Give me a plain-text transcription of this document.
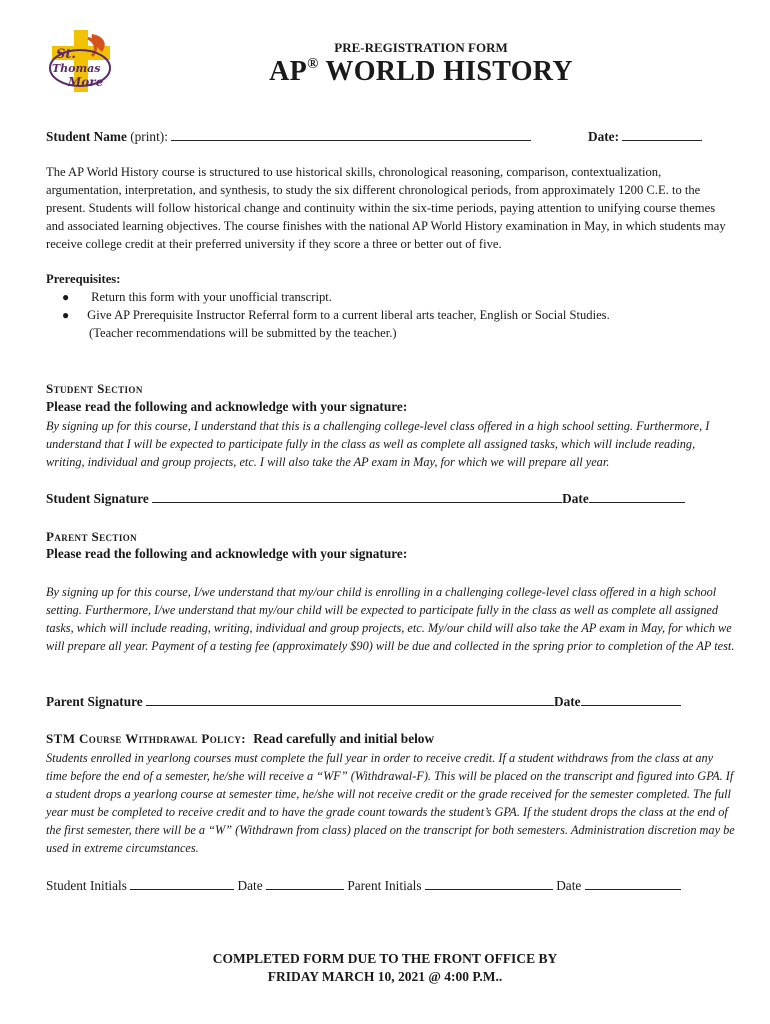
St.
Thomas
More
PRE-REGISTRATION FORM
AP® WORLD HISTORY
Student Name (print):	Date:
The AP World History course is structured to use historical skills, chronological reasoning, comparison, contextualization, argumentation, interpretation, and synthesis, to study the six different chronological periods, from approximately 1200 C.E. to the present. Students will follow historical change and continuity within the six-time periods, paying attention to unifying course themes and associated learning objectives. The course finishes with the national AP World History examination in May, in which students may receive college credit at their preferred university if they score a three or better out of five.
Prerequisites:
● Return this form with your unofficial transcript.
● Give AP Prerequisite Instructor Referral form to a current liberal arts teacher, English or Social Studies.
(Teacher recommendations will be submitted by the teacher.)
Student Section
Please read the following and acknowledge with your signature:
By signing up for this course, I understand that this is a challenging college-level class offered in a high school setting. Furthermore, I understand that I will be expected to participate fully in the class as well as complete all assigned tasks, which will include reading, writing, individual and group projects, etc. I will also take the AP exam in May, for which we will prepare all year.
Student Signature	Date
Parent Section
Please read the following and acknowledge with your signature:
By signing up for this course, I/we understand that my/our child is enrolling in a challenging college-level class offered in a high school setting. Furthermore, I/we understand that my/our child will be expected to participate fully in the class as well as complete all assigned tasks, which will include reading, writing, individual and group projects, etc. My/our child will also take the AP exam in May, for which we will prepare all year. Payment of a testing fee (approximately $90) will be due and collected in the spring prior to completion of the AP test.
Parent Signature	Date
STM Course Withdrawal Policy: Read carefully and initial below
Students enrolled in yearlong courses must complete the full year in order to receive credit. If a student withdraws from the class at any time before the end of a semester, he/she will receive a “WF” (Withdrawal-F). This will be placed on the transcript and figured into GPA. If a student drops a yearlong course at semester time, he/she will not receive credit or the grade received for the semester completed. The full year must be completed to receive credit and to have the grade count towards the student’s GPA. If the student drops the class at the end of the first semester, there will be a “W” (Withdrawn from class) placed on the transcript for both semesters. Administration discretion may be used in extreme circumstances.
Student Initials	Date	Parent Initials	Date
COMPLETED FORM DUE TO THE FRONT OFFICE BY
FRIDAY MARCH 10, 2021 @ 4:00 P.M..
